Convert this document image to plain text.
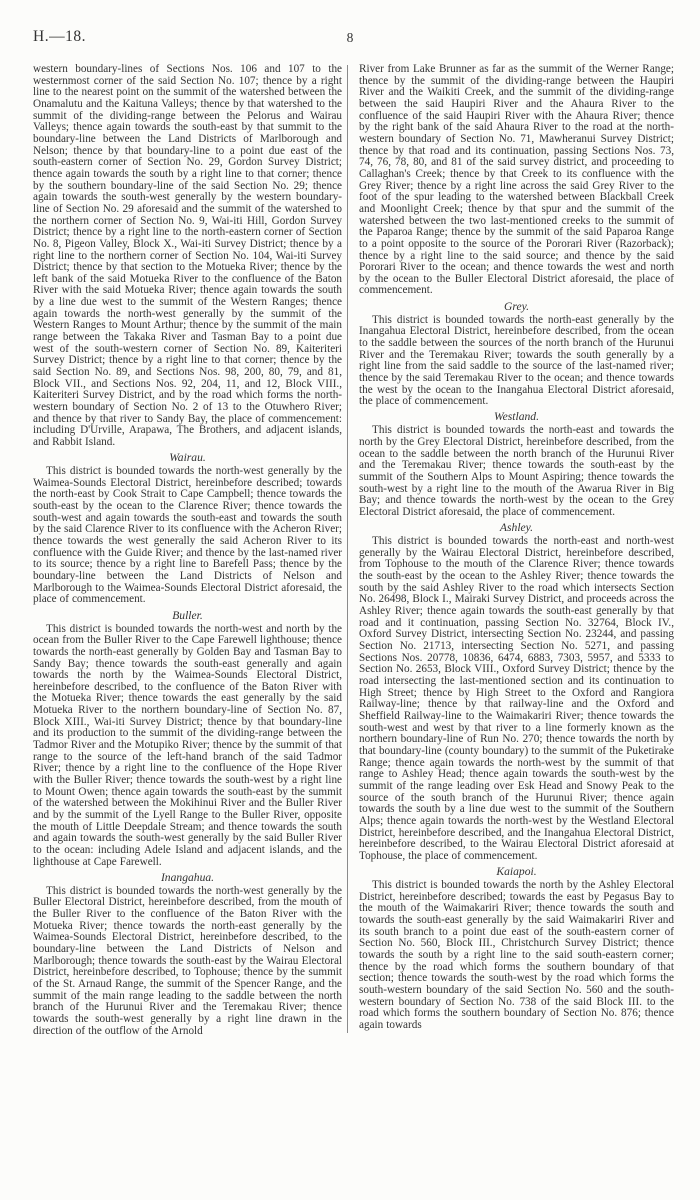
H.—18.	8

western boundary-lines of Sections Nos. 106 and 107 to the westernmost corner of the said Section No. 107; thence by a right line to the nearest point on the summit of the watershed between the Onamalutu and the Kaituna Valleys; thence by that watershed to the summit of the dividing-range between the Pelorus and Wairau Valleys; thence again towards the south-east by that summit to the boundary-line between the Land Districts of Marlborough and Nelson; thence by that boundary-line to a point due east of the south-eastern corner of Section No. 29, Gordon Survey District; thence again towards the south by a right line to that corner; thence by the southern boundary-line of the said Section No. 29; thence again towards the south-west generally by the western boundary-line of Section No. 29 aforesaid and the summit of the watershed to the northern corner of Section No. 9, Wai-iti Hill, Gordon Survey District; thence by a right line to the north-eastern corner of Section No. 8, Pigeon Valley, Block X., Wai-iti Survey District; thence by a right line to the northern corner of Section No. 104, Wai-iti Survey District; thence by that section to the Motueka River; thence by the left bank of the said Motueka River to the confluence of the Baton River with the said Motueka River; thence again towards the south by a line due west to the summit of the Western Ranges; thence again towards the north-west generally by the summit of the Western Ranges to Mount Arthur; thence by the summit of the main range between the Takaka River and Tasman Bay to a point due west of the south-western corner of Section No. 89, Kaiteriteri Survey District; thence by a right line to that corner; thence by the said Section No. 89, and Sections Nos. 98, 200, 80, 79, and 81, Block VII., and Sections Nos. 92, 204, 11, and 12, Block VIII., Kaiteriteri Survey District, and by the road which forms the north-western boundary of Section No. 2 of 13 to the Otuwhero River; and thence by that river to Sandy Bay, the place of commencement: including D'Urville, Arapawa, The Brothers, and adjacent islands, and Rabbit Island.

Wairau.

This district is bounded towards the north-west generally by the Waimea-Sounds Electoral District, hereinbefore described; towards the north-east by Cook Strait to Cape Campbell; thence towards the south-east by the ocean to the Clarence River; thence towards the south-west and again towards the south-east and towards the south by the said Clarence River to its confluence with the Acheron River; thence towards the west generally the said Acheron River to its confluence with the Guide River; and thence by the last-named river to its source; thence by a right line to Barefell Pass; thence by the boundary-line between the Land Districts of Nelson and Marlborough to the Waimea-Sounds Electoral District aforesaid, the place of commencement.

Buller.

This district is bounded towards the north-west and north by the ocean from the Buller River to the Cape Farewell lighthouse; thence towards the north-east generally by Golden Bay and Tasman Bay to Sandy Bay; thence towards the south-east generally and again towards the north by the Waimea-Sounds Electoral District, hereinbefore described, to the confluence of the Baton River with the Motueka River; thence towards the east generally by the said Motueka River to the northern boundary-line of Section No. 87, Block XIII., Wai-iti Survey District; thence by that boundary-line and its production to the summit of the dividing-range between the Tadmor River and the Motupiko River; thence by the summit of that range to the source of the left-hand branch of the said Tadmor River; thence by a right line to the confluence of the Hope River with the Buller River; thence towards the south-west by a right line to Mount Owen; thence again towards the south-east by the summit of the watershed between the Mokihinui River and the Buller River and by the summit of the Lyell Range to the Buller River, opposite the mouth of Little Deepdale Stream; and thence towards the south and again towards the south-west generally by the said Buller River to the ocean: including Adele Island and adjacent islands, and the lighthouse at Cape Farewell.

Inangahua.

This district is bounded towards the north-west generally by the Buller Electoral District, hereinbefore described, from the mouth of the Buller River to the confluence of the Baton River with the Motueka River; thence towards the north-east generally by the Waimea-Sounds Electoral District, hereinbefore described, to the boundary-line between the Land Districts of Nelson and Marlborough; thence towards the south-east by the Wairau Electoral District, hereinbefore described, to Tophouse; thence by the summit of the St. Arnaud Range, the summit of the Spencer Range, and the summit of the main range leading to the saddle between the north branch of the Hurunui River and the Teremakau River; thence towards the south-west generally by a right line drawn in the direction of the outflow of the Arnold

River from Lake Brunner as far as the summit of the Werner Range; thence by the summit of the dividing-range between the Haupiri River and the Waikiti Creek, and the summit of the dividing-range between the said Haupiri River and the Ahaura River to the confluence of the said Haupiri River with the Ahaura River; thence by the right bank of the said Ahaura River to the road at the north-western boundary of Section No. 71, Mawheranui Survey District; thence by that road and its continuation, passing Sections Nos. 73, 74, 76, 78, 80, and 81 of the said survey district, and proceeding to Callaghan's Creek; thence by that Creek to its confluence with the Grey River; thence by a right line across the said Grey River to the foot of the spur leading to the watershed between Blackball Creek and Moonlight Creek; thence by that spur and the summit of the watershed between the two last-mentioned creeks to the summit of the Paparoa Range; thence by the summit of the said Paparoa Range to a point opposite to the source of the Pororari River (Razorback); thence by a right line to the said source; and thence by the said Pororari River to the ocean; and thence towards the west and north by the ocean to the Buller Electoral District aforesaid, the place of commencement.

Grey.

This district is bounded towards the north-east generally by the Inangahua Electoral District, hereinbefore described, from the ocean to the saddle between the sources of the north branch of the Hurunui River and the Teremakau River; towards the south generally by a right line from the said saddle to the source of the last-named river; thence by the said Teremakau River to the ocean; and thence towards the west by the ocean to the Inangahua Electoral District aforesaid, the place of commencement.

Westland.

This district is bounded towards the north-east and towards the north by the Grey Electoral District, hereinbefore described, from the ocean to the saddle between the north branch of the Hurunui River and the Teremakau River; thence towards the south-east by the summit of the Southern Alps to Mount Aspiring; thence towards the south-west by a right line to the mouth of the Awarua River in Big Bay; and thence towards the north-west by the ocean to the Grey Electoral District aforesaid, the place of commencement.

Ashley.

This district is bounded towards the north-east and north-west generally by the Wairau Electoral District, hereinbefore described, from Tophouse to the mouth of the Clarence River; thence towards the south-east by the ocean to the Ashley River; thence towards the south by the said Ashley River to the road which intersects Section No. 26498, Block I., Mairaki Survey District, and proceeds across the Ashley River; thence again towards the south-east generally by that road and it continuation, passing Section No. 32764, Block IV., Oxford Survey District, intersecting Section No. 23244, and passing Section No. 21713, intersecting Section No. 5271, and passing Sections Nos. 20778, 10836, 6474, 6883, 7303, 5957, and 5333 to Section No. 2653, Block VIII., Oxford Survey District; thence by the road intersecting the last-mentioned section and its continuation to High Street; thence by High Street to the Oxford and Rangiora Railway-line; thence by that railway-line and the Oxford and Sheffield Railway-line to the Waimakariri River; thence towards the south-west and west by that river to a line formerly known as the northern boundary-line of Run No. 270; thence towards the north by that boundary-line (county boundary) to the summit of the Puketirake Range; thence again towards the north-west by the summit of that range to Ashley Head; thence again towards the south-west by the summit of the range leading over Esk Head and Snowy Peak to the source of the south branch of the Hurunui River; thence again towards the south by a line due west to the summit of the Southern Alps; thence again towards the north-west by the Westland Electoral District, hereinbefore described, and the Inangahua Electoral District, hereinbefore described, to the Wairau Electoral District aforesaid at Tophouse, the place of commencement.

Kaiapoi.

This district is bounded towards the north by the Ashley Electoral District, hereinbefore described; towards the east by Pegasus Bay to the mouth of the Waimakariri River; thence towards the south and towards the south-east generally by the said Waimakariri River and its south branch to a point due east of the south-eastern corner of Section No. 560, Block III., Christchurch Survey District; thence towards the south by a right line to the said south-eastern corner; thence by the road which forms the southern boundary of that section; thence towards the south-west by the road which forms the south-western boundary of the said Section No. 560 and the south-western boundary of Section No. 738 of the said Block III. to the road which forms the southern boundary of Section No. 876; thence again towards
